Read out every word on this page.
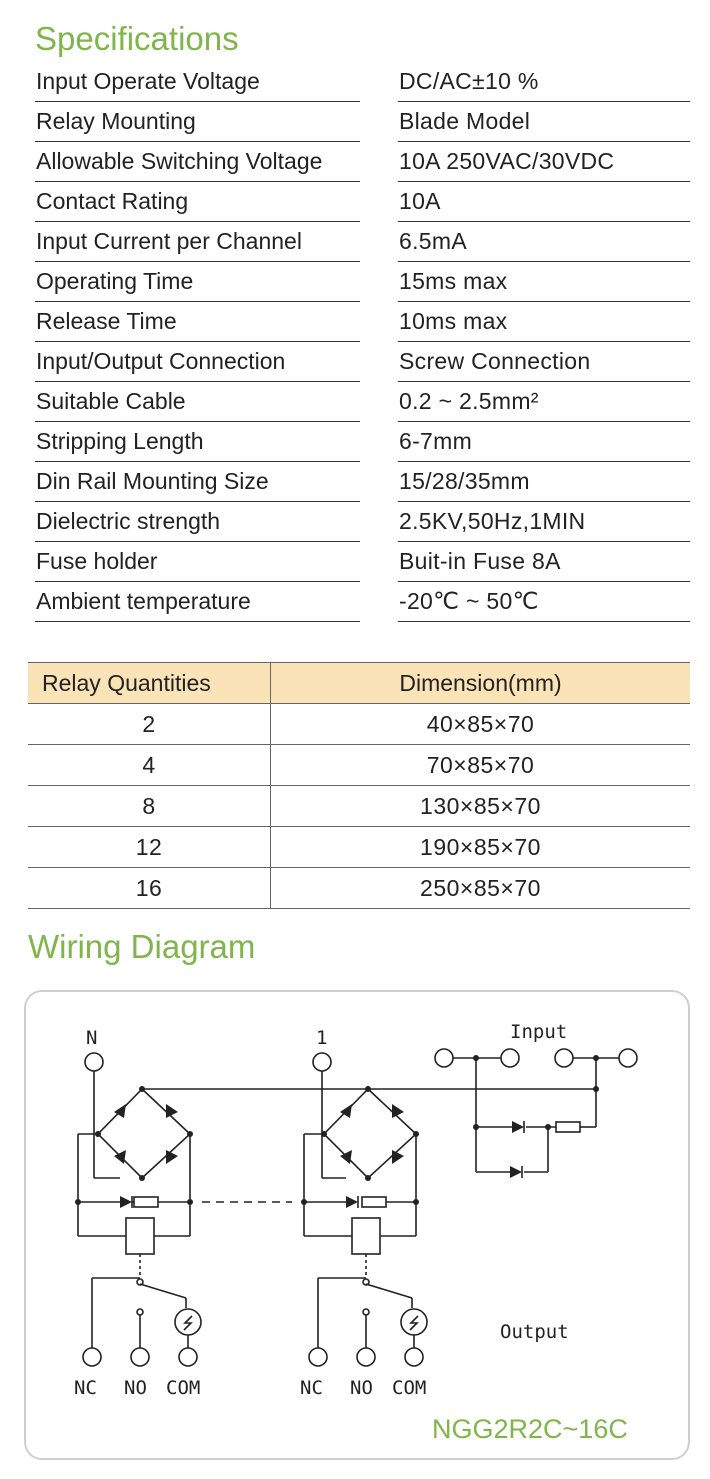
Specifications
Input Operate Voltage	DC/AC±10 %
Relay Mounting	Blade Model
Allowable Switching Voltage	10A 250VAC/30VDC
Contact Rating	10A
Input Current per Channel	6.5mA
Operating Time	15ms max
Release Time	10ms max
Input/Output Connection	Screw Connection
Suitable Cable	0.2 ~ 2.5mm²
Stripping Length	6-7mm
Din Rail Mounting Size	15/28/35mm
Dielectric strength	2.5KV,50Hz,1MIN
Fuse holder	Buit-in Fuse 8A
Ambient temperature	-20℃ ~ 50℃
Relay Quantities	Dimension(mm)
2	40×85×70
4	70×85×70
8	130×85×70
12	190×85×70
16	250×85×70
Wiring Diagram
N	1	Input
Output
NC NO COM	NC NO COM
NGG2R2C~16C
